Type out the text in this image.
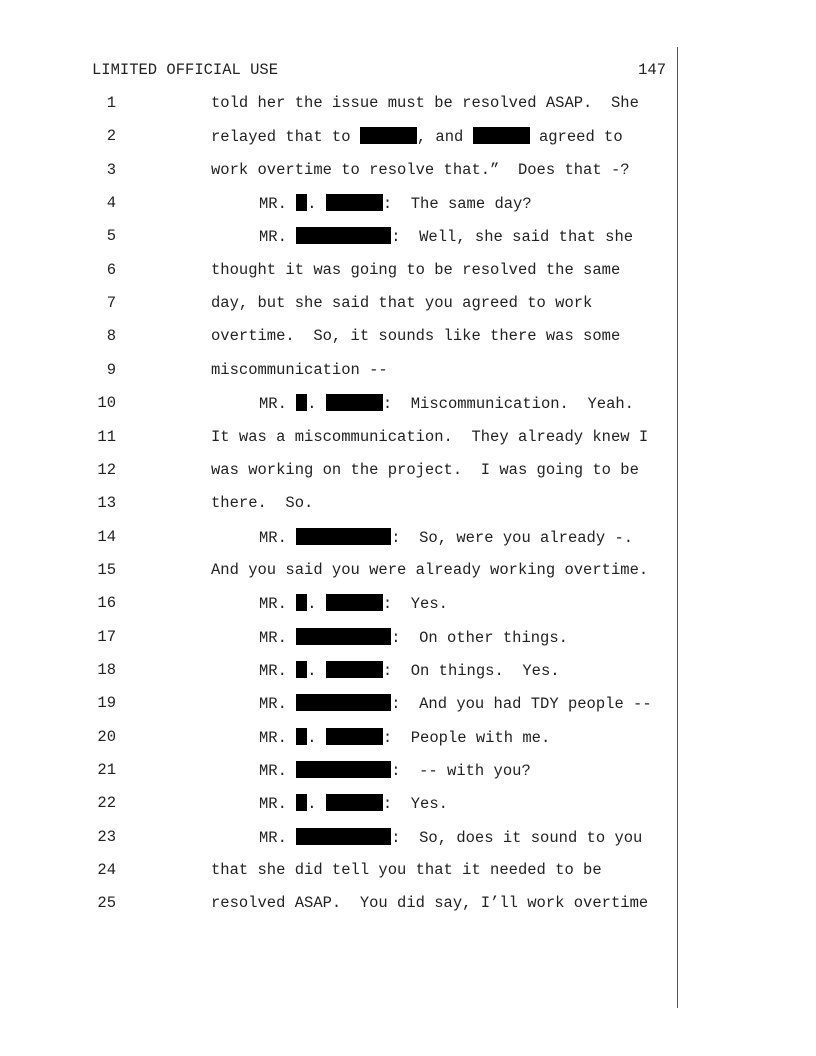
LIMITED OFFICIAL USE	147
1	told her the issue must be resolved ASAP.  She
2	relayed that to	, and	agreed to
3	work overtime to resolve that.”  Does that -?
4	MR. .	:  The same day?
5	MR.	:  Well, she said that she
6	thought it was going to be resolved the same
7	day, but she said that you agreed to work
8	overtime.  So, it sounds like there was some
9	miscommunication --
10	MR. .	:  Miscommunication.  Yeah.
11	It was a miscommunication.  They already knew I
12	was working on the project.  I was going to be
13	there.  So.
14	MR.	:  So, were you already -.
15	And you said you were already working overtime.
16	MR. .	:  Yes.
17	MR.	:  On other things.
18	MR. .	:  On things.  Yes.
19	MR.	:  And you had TDY people --
20	MR. .	:  People with me.
21	MR.	:  -- with you?
22	MR. .	:  Yes.
23	MR.	:  So, does it sound to you
24	that she did tell you that it needed to be
25	resolved ASAP.  You did say, I’ll work overtime
